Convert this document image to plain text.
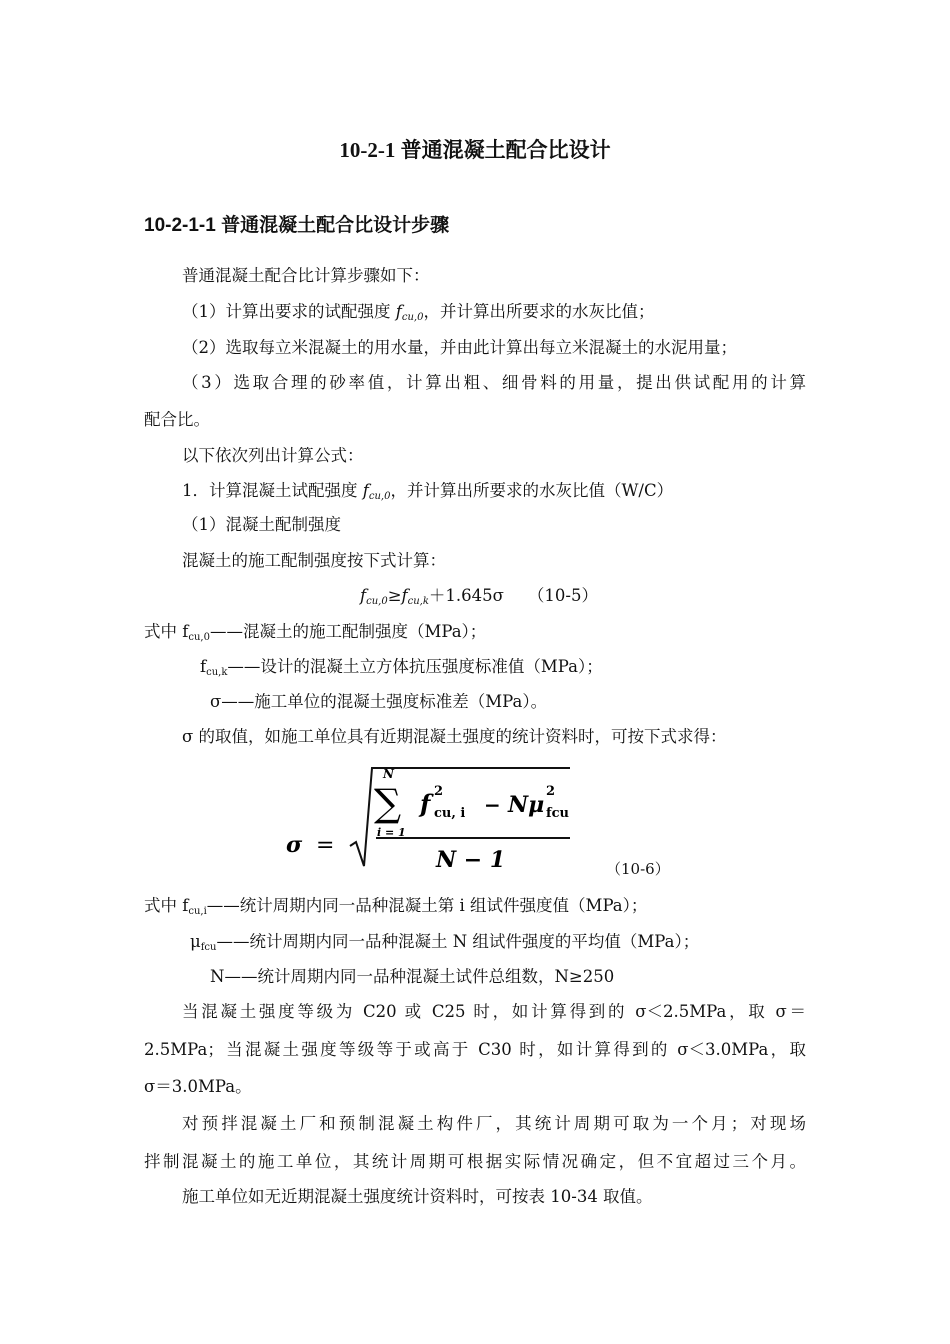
10-2-1 普通混凝土配合比设计
10-2-1-1 普通混凝土配合比设计步骤
普通混凝土配合比计算步骤如下：
（1）计算出要求的试配强度 $f_{cu,0}$，并计算出所要求的水灰比值；
（2）选取每立米混凝土的用水量，并由此计算出每立米混凝土的水泥用量；
（3）选取合理的砂率值，计算出粗、细骨料的用量，提出供试配用的计算
配合比。
以下依次列出计算公式：
1．计算混凝土试配强度 $f_{cu,0}$，并计算出所要求的水灰比值（W/C）
（1）混凝土配制强度
混凝土的施工配制强度按下式计算：
$f_{cu,0}\ge f_{cu,k}+1.645\sigma$ （10-5）
式中 $f_{cu,0}——$混凝土的施工配制强度（MPa）；
$f_{cu,k}——$设计的混凝土立方体抗压强度标准值（MPa）；
σ——施工单位的混凝土强度标准差（MPa）。
σ 的取值，如施工单位具有近期混凝土强度的统计资料时，可按下式求得：
σ =
N
∑
i = 1
f 2
cu, i − Nμ
2
fcu
N − 1	（10-6）
式中 $f_{cu,i}——$统计周期内同一品种混凝土第 i 组试件强度值（MPa）；
$\mu_{fcu}——$统计周期内同一品种混凝土 N 组试件强度的平均值（MPa）；
N——统计周期内同一品种混凝土试件总组数，N≥250
当混凝土强度等级为 C20 或 C25 时，如计算得到的 σ＜2.5MPa，取 σ＝
2.5MPa；当混凝土强度等级等于或高于 C30 时，如计算得到的 σ＜3.0MPa，取
σ＝3.0MPa。
对预拌混凝土厂和预制混凝土构件厂，其统计周期可取为一个月；对现场
拌制混凝土的施工单位，其统计周期可根据实际情况确定，但不宜超过三个月。
施工单位如无近期混凝土强度统计资料时，可按表 10-34 取值。
